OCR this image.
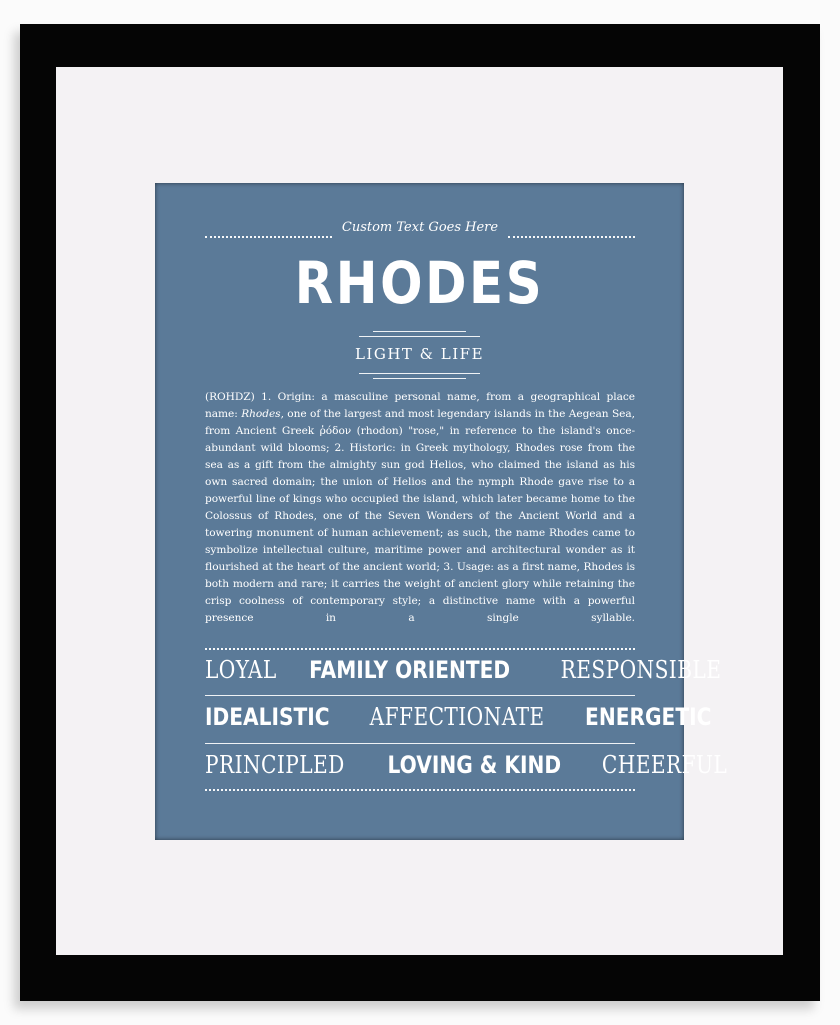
Custom Text Goes Here
RHODES
LIGHT & LIFE

(ROHDZ) 1. Origin: a masculine personal name, from a geographical place name: Rhodes, one of the largest and most legendary islands in the Aegean Sea, from Ancient Greek ῥόδον (rhodon) "rose," in reference to the island's once-abundant wild blooms; 2. Historic: in Greek mythology, Rhodes rose from the sea as a gift from the almighty sun god Helios, who claimed the island as his own sacred domain; the union of Helios and the nymph Rhode gave rise to a powerful line of kings who occupied the island, which later became home to the Colossus of Rhodes, one of the Seven Wonders of the Ancient World and a towering monument of human achievement; as such, the name Rhodes came to symbolize intellectual culture, maritime power and architectural wonder as it flourished at the heart of the ancient world; 3. Usage: as a first name, Rhodes is both modern and rare; it carries the weight of ancient glory while retaining the crisp coolness of contemporary style; a distinctive name with a powerful presence in a single syllable.

LOYAL FAMILY ORIENTED RESPONSIBLE
IDEALISTIC AFFECTIONATE ENERGETIC
PRINCIPLED LOVING & KIND CHEERFUL
